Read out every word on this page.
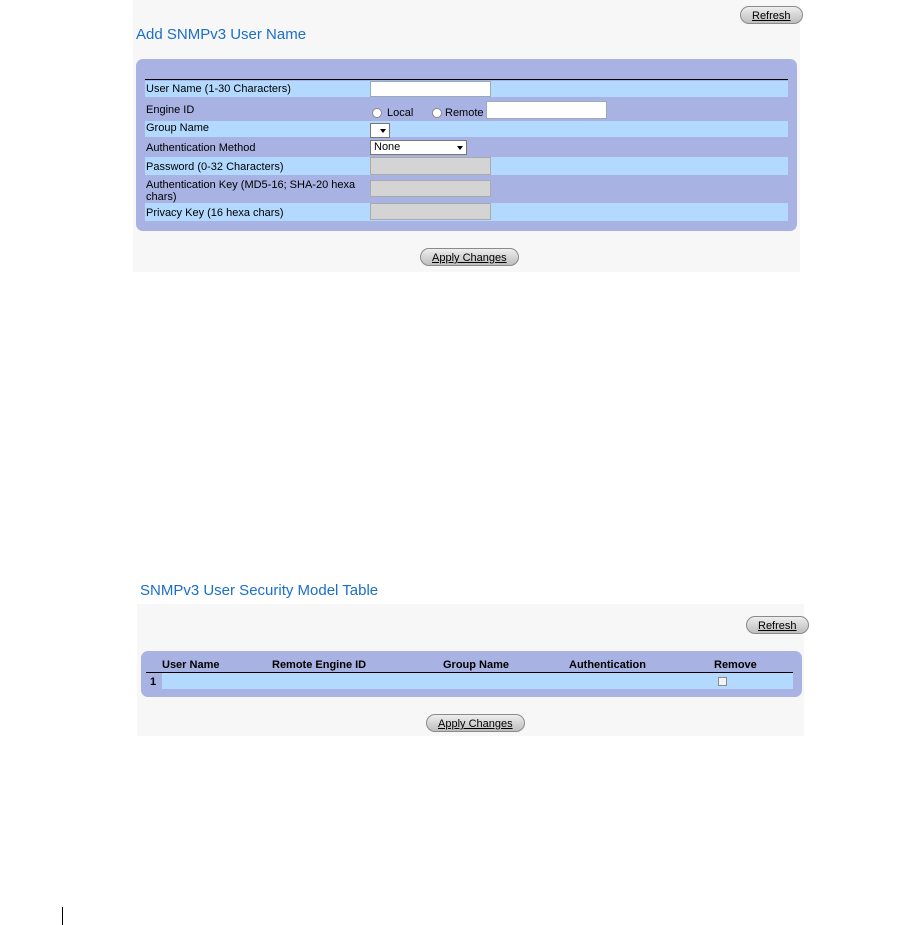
Refresh
Add SNMPv3 User Name
User Name (1-30 Characters)
Engine ID	Local	Remote
Group Name
Authentication Method	None
Password (0-32 Characters)
Authentication Key (MD5-16; SHA-20 hexa
chars)
Privacy Key (16 hexa chars)
Apply Changes
SNMPv3 User Security Model Table
Refresh
User Name	Remote Engine ID	Group Name	Authentication	Remove
1
Apply Changes
